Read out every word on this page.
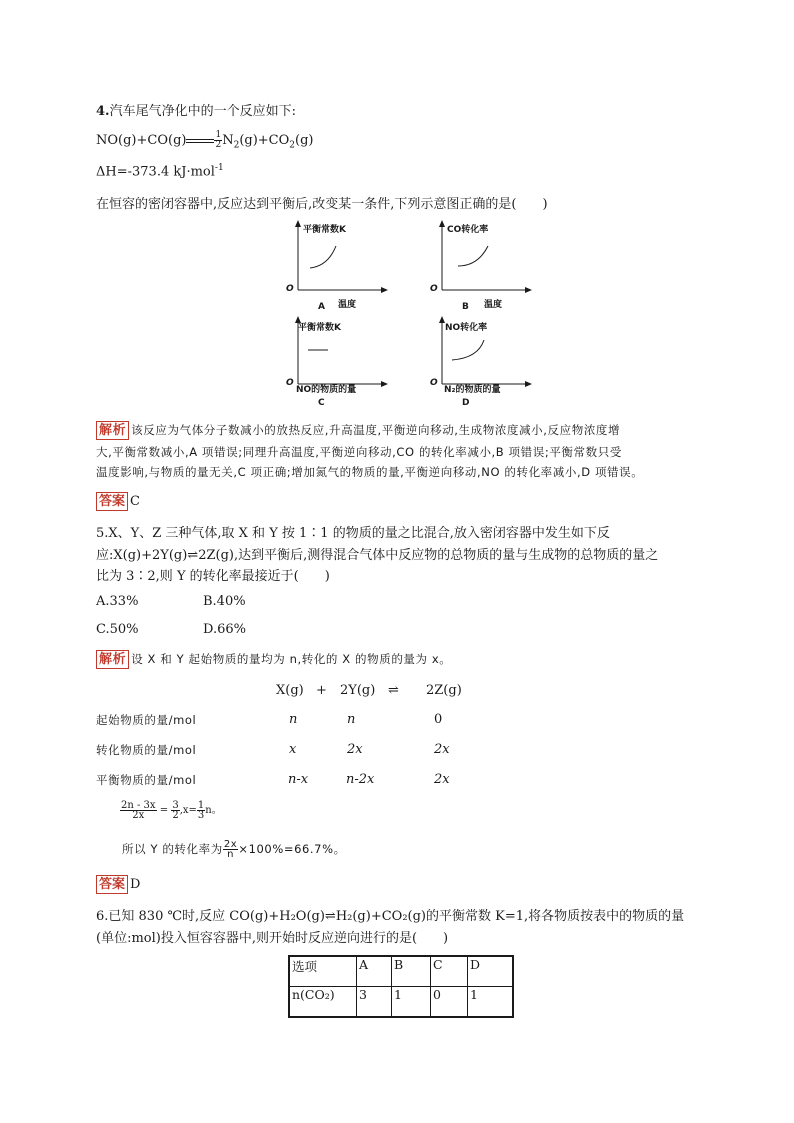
4.汽车尾气净化中的一个反应如下:
NO(g)+CO(g)	$\frac{1}{2} N_2(g)+CO_2(g)$
ΔH=-373.4 kJ·mol$^{-1}$
在恒容的密闭容器中,反应达到平衡后,改变某一条件,下列示意图正确的是(　　)
平衡常数K
O
温度
A
CO转化率
O
温度
B
平衡常数K
O
NO的物质的量
C
NO转化率
O
N₂的物质的量
D
解析 该反应为气体分子数减小的放热反应,升高温度,平衡逆向移动,生成物浓度减小,反应物浓度增
大,平衡常数减小,A 项错误;同理升高温度,平衡逆向移动,CO 的转化率减小,B 项错误;平衡常数只受
温度影响,与物质的量无关,C 项正确;增加氮气的物质的量,平衡逆向移动,NO 的转化率减小,D 项错误。
答案 C
5.X、Y、Z 三种气体,取 X 和 Y 按 1∶1 的物质的量之比混合,放入密闭容器中发生如下反
应:X(g)+2Y(g)⇌2Z(g),达到平衡后,测得混合气体中反应物的总物质的量与生成物的总物质的量之
比为 3∶2,则 Y 的转化率最接近于(　　)
A.33%	B.40%
C.50%	D.66%
解析 设 X 和 Y 起始物质的量均为 n,转化的 X 的物质的量为 x。
X(g) + 2Y(g) ⇌ 2Z(g)
起始物质的量/mol	n	n	0
转化物质的量/mol	x	2x	2x
平衡物质的量/mol	n-x	n-2x	2x
$\frac{2n - 3x}{2x} = \frac{3}{2} ,x= \frac{1}{3}$ n。
所以 Y 的转化率为 $\frac{2x}{n} \times 100\%=66.7\%$。
答案 D
6.已知 830 ℃时,反应 CO(g)+H₂O(g)⇌H₂(g)+CO₂(g)的平衡常数 K=1,将各物质按表中的物质的量
(单位:mol)投入恒容容器中,则开始时反应逆向进行的是(　　)
选项	A	B	C	D
n(CO₂)	3	1	0	1
